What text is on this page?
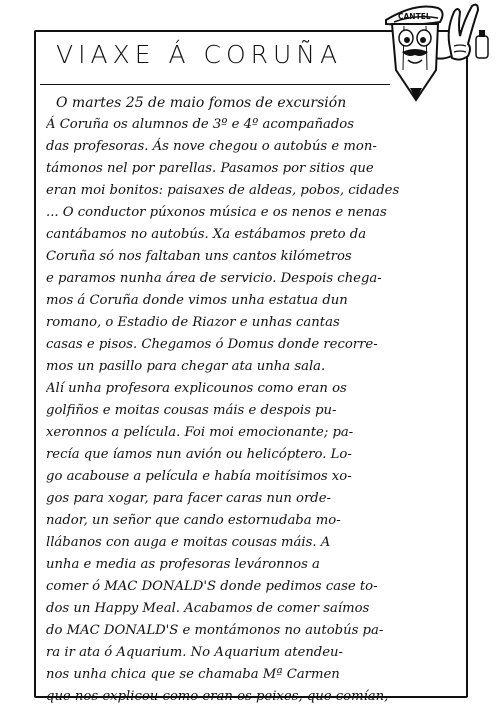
VIAXE Á CORUÑA
CANTEL
O martes 25 de maio fomos de excursión
Á Coruña os alumnos de 3º e 4º acompañados
das profesoras. Ás nove chegou o autobús e mon-
támonos nel por parellas. Pasamos por sitios que
eran moi bonitos: paisaxes de aldeas, pobos, cidades
... O conductor púxonos música e os nenos e nenas
cantábamos no autobús. Xa estábamos preto da
Coruña só nos faltaban uns cantos kilómetros
e paramos nunha área de servicio. Despois chega-
mos á Coruña donde vimos unha estatua dun
romano, o Estadio de Riazor e unhas cantas
casas e pisos. Chegamos ó Domus donde recorre-
mos un pasillo para chegar ata unha sala.
Alí unha profesora explicounos como eran os
golfiños e moitas cousas máis e despois pu-
xeronnos a película. Foi moi emocionante; pa-
recía que íamos nun avión ou helicóptero. Lo-
go acabouse a película e había moitísimos xo-
gos para xogar, para facer caras nun orde-
nador, un señor que cando estornudaba mo-
llábanos con auga e moitas cousas máis. A
unha e media as profesoras leváronnos a
comer ó MAC DONALD'S donde pedimos case to-
dos un Happy Meal. Acabamos de comer saímos
do MAC DONALD'S e montámonos no autobús pa-
ra ir ata ó Aquarium. No Aquarium atendeu-
nos unha chica que se chamaba Mª Carmen
que nos explicou como eran os peixes, que comían,
